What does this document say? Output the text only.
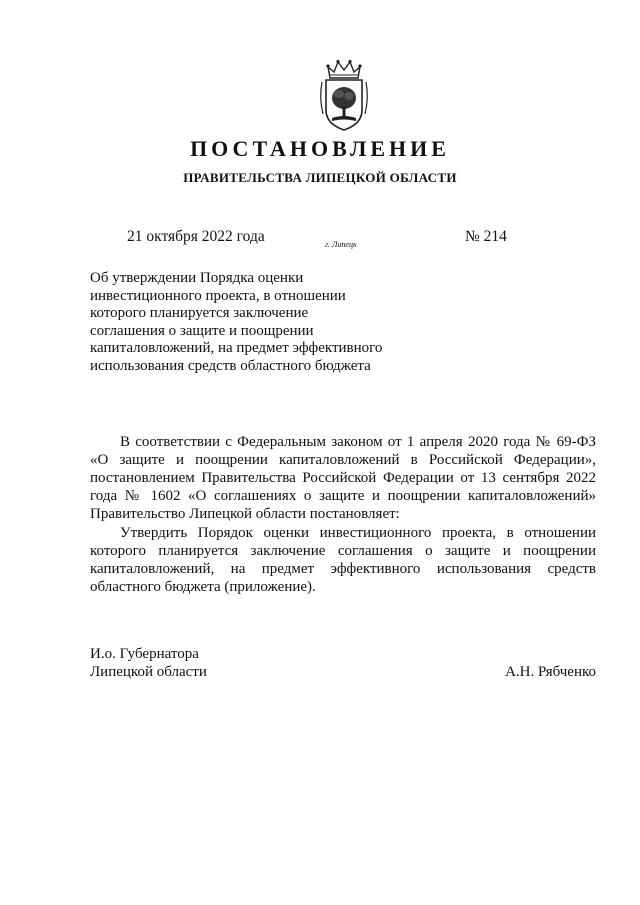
ПОСТАНОВЛЕНИЕ
ПРАВИТЕЛЬСТВА ЛИПЕЦКОЙ ОБЛАСТИ
21 октября 2022 года	г. Липецк	№ 214

Об утверждении Порядка оценки
инвестиционного проекта, в отношении
которого планируется заключение
соглашения о защите и поощрении
капиталовложений, на предмет эффективного
использования средств областного бюджета

В соответствии с Федеральным законом от 1 апреля 2020 года № 69-ФЗ «О защите и поощрении капиталовложений в Российской Федерации», постановлением Правительства Российской Федерации от 13 сентября 2022 года № 1602 «О соглашениях о защите и поощрении капиталовложений» Правительство Липецкой области постановляет:

Утвердить Порядок оценки инвестиционного проекта, в отношении которого планируется заключение соглашения о защите и поощрении капиталовложений, на предмет эффективного использования средств областного бюджета (приложение).

И.о. Губернатора
Липецкой области	А.Н. Рябченко
